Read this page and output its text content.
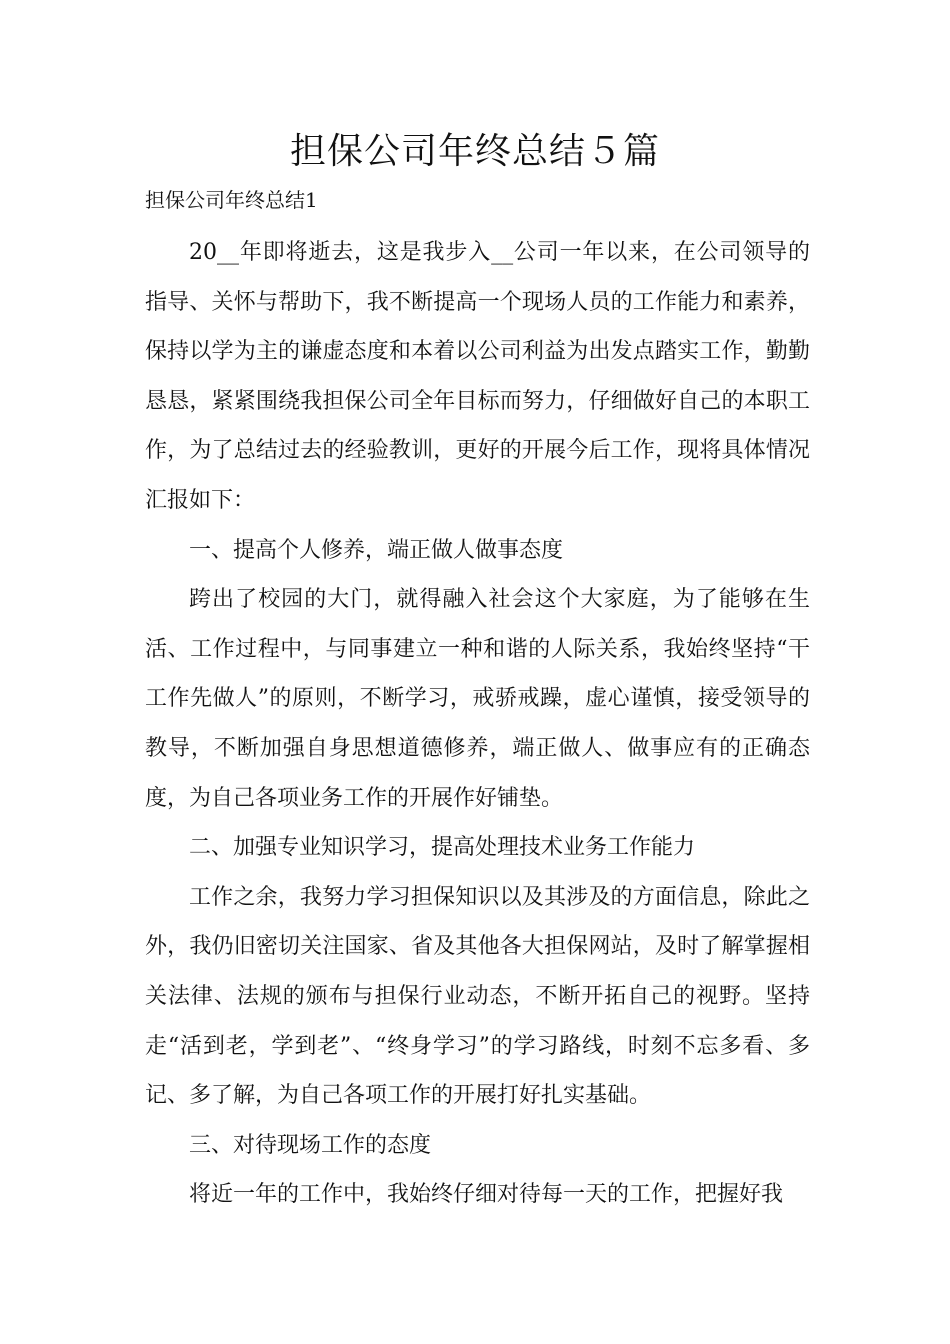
担保公司年终总结５篇

担保公司年终总结1

20__年即将逝去，这是我步入__公司一年以来，在公司领导的指导、关怀与帮助下，我不断提高一个现场人员的工作能力和素养，保持以学为主的谦虚态度和本着以公司利益为出发点踏实工作，勤勤恳恳，紧紧围绕我担保公司全年目标而努力，仔细做好自己的本职工作，为了总结过去的经验教训，更好的开展今后工作，现将具体情况汇报如下：

一、提高个人修养，端正做人做事态度

跨出了校园的大门，就得融入社会这个大家庭，为了能够在生活、工作过程中，与同事建立一种和谐的人际关系，我始终坚持“干工作先做人”的原则，不断学习，戒骄戒躁，虚心谨慎，接受领导的教导，不断加强自身思想道德修养，端正做人、做事应有的正确态度，为自己各项业务工作的开展作好铺垫。

二、加强专业知识学习，提高处理技术业务工作能力

工作之余，我努力学习担保知识以及其涉及的方面信息，除此之外，我仍旧密切关注国家、省及其他各大担保网站，及时了解掌握相关法律、法规的颁布与担保行业动态，不断开拓自己的视野。坚持走“活到老，学到老”、“终身学习”的学习路线，时刻不忘多看、多记、多了解，为自己各项工作的开展打好扎实基础。

三、对待现场工作的态度

将近一年的工作中，我始终仔细对待每一天的工作，把握好我
